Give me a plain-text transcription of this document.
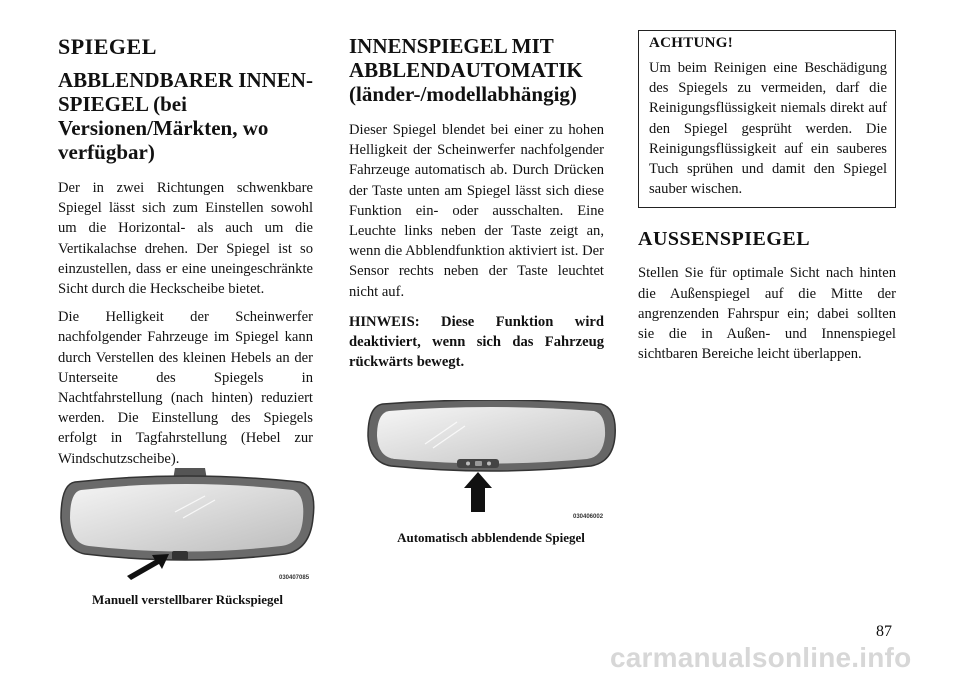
SPIEGEL
ABBLENDBARER INNEN-SPIEGEL (bei Versionen/Märkten, wo verfügbar)

Der in zwei Richtungen schwenkbare Spiegel lässt sich zum Einstellen sowohl um die Horizontal- als auch um die Vertikalachse drehen. Der Spiegel ist so einzustellen, dass er eine uneingeschränkte Sicht durch die Heckscheibe bietet.

Die Helligkeit der Scheinwerfer nachfolgender Fahrzeuge im Spiegel kann durch Verstellen des kleinen Hebels an der Unterseite des Spiegels in Nachtfahrstellung (nach hinten) reduziert werden. Die Einstellung des Spiegels erfolgt in Tagfahrstellung (Hebel zur Windschutzscheibe).

INNENSPIEGEL MIT ABBLENDAUTOMATIK (länder-/modellabhängig)

Dieser Spiegel blendet bei einer zu hohen Helligkeit der Scheinwerfer nachfolgender Fahrzeuge automatisch ab. Durch Drücken der Taste unten am Spiegel lässt sich diese Funktion ein- oder ausschalten. Eine Leuchte links neben der Taste zeigt an, wenn die Abblendfunktion aktiviert ist. Der Sensor rechts neben der Taste leuchtet nicht auf.

HINWEIS: Diese Funktion wird deaktiviert, wenn sich das Fahrzeug rückwärts bewegt.

ACHTUNG!

Um beim Reinigen eine Beschädigung des Spiegels zu vermeiden, darf die Reinigungsflüssigkeit niemals direkt auf den Spiegel gesprüht werden. Die Reinigungsflüssigkeit auf ein sauberes Tuch sprühen und damit den Spiegel sauber wischen.

AUSSENSPIEGEL

Stellen Sie für optimale Sicht nach hinten die Außenspiegel auf die Mitte der angrenzenden Fahrspur ein; dabei sollten sie die in Außen- und Innenspiegel sichtbaren Bereiche leicht überlappen.

030407085
Manuell verstellbarer Rückspiegel
030406002
Automatisch abblendende Spiegel
87
carmanualsonline.info
